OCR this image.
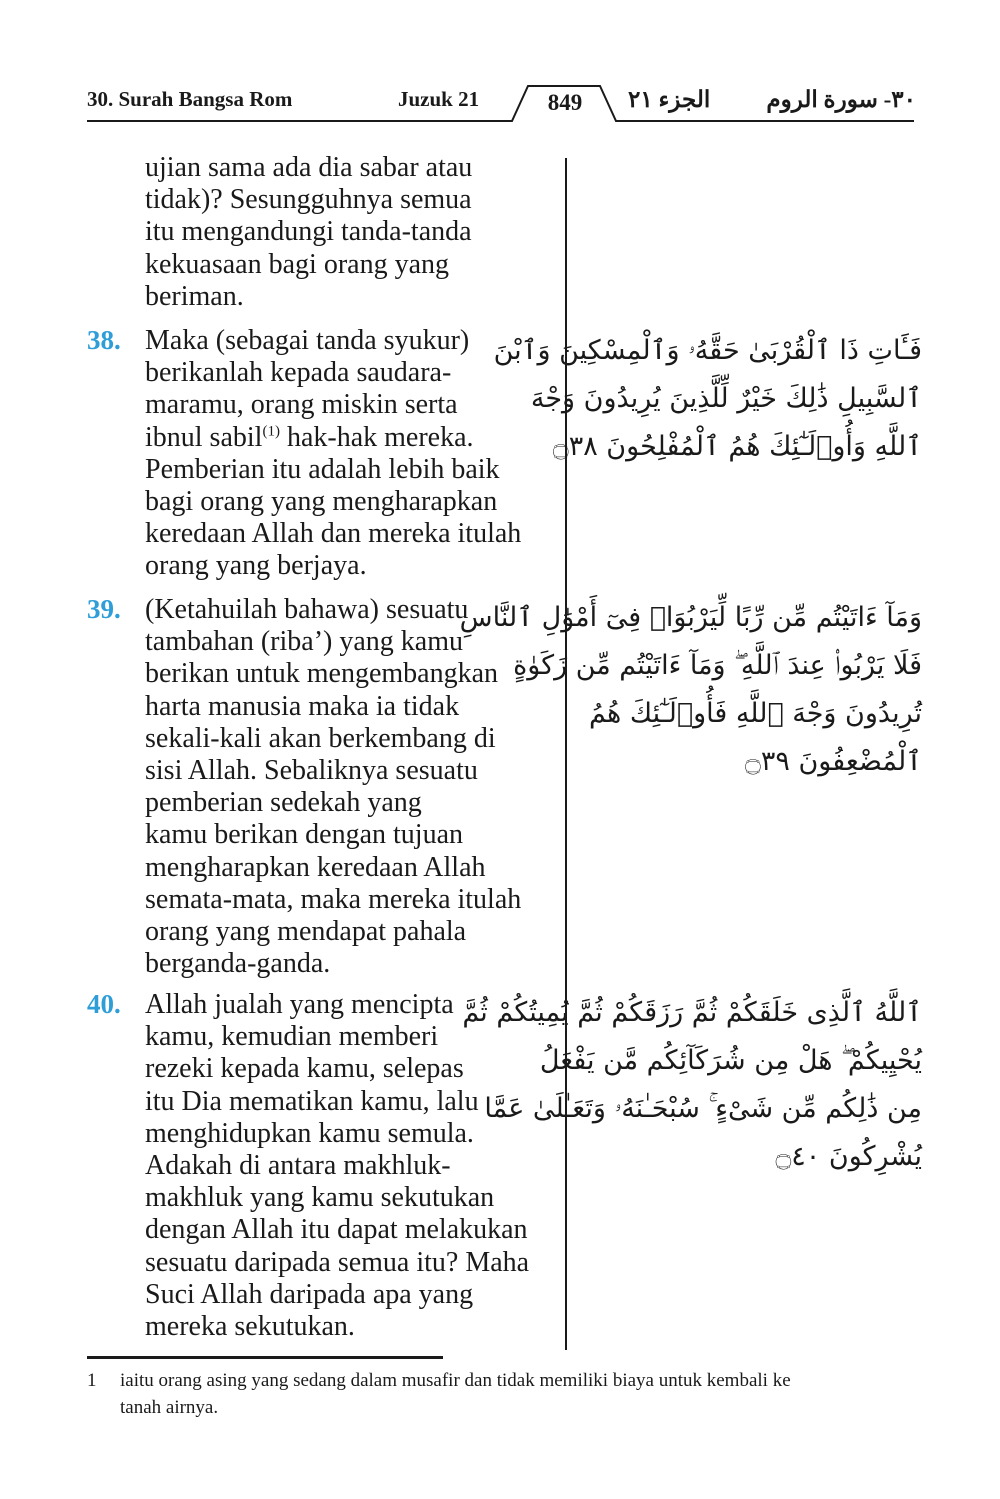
30. Surah Bangsa Rom	Juzuk 21	849	الجزء ٢١ ٣٠- سورة الروم

ujian sama ada dia sabar atau

tidak)? Sesungguhnya semua

itu mengandungi tanda-tanda

kekuasaan bagi orang yang

beriman.

38. Maka (sebagai tanda syukur)

berikanlah kepada saudara-

maramu, orang miskin serta

ibnul sabil$^{(1)}$ hak-hak mereka.

Pemberian itu adalah lebih baik

bagi orang yang mengharapkan

keredaan Allah dan mereka itulah

orang yang berjaya.

فَـَٔاتِ ذَا ٱلْقُرْبَىٰ حَقَّهُۥ وَٱلْمِسْكِينَ وَٱبْنَ

ٱلسَّبِيلِ ذَٰلِكَ خَيْرٌ لِّلَّذِينَ يُرِيدُونَ وَجْهَ

ٱللَّهِ وَأُو۟لَـٰٓئِكَ هُمُ ٱلْمُفْلِحُونَ ۝٣٨

39. (Ketahuilah bahawa) sesuatu

tambahan (riba’) yang kamu

berikan untuk mengembangkan

harta manusia maka ia tidak

sekali-kali akan berkembang di

sisi Allah. Sebaliknya sesuatu

pemberian sedekah yang

kamu berikan dengan tujuan

mengharapkan keredaan Allah

semata-mata, maka mereka itulah

orang yang mendapat pahala

berganda-ganda.

وَمَآ ءَاتَيْتُم مِّن رِّبًا لِّيَرْبُوَا۟ فِىٓ أَمْوَٰلِ ٱلنَّاسِ

فَلَا يَرْبُوا۟ عِندَ ٱللَّهِ ۖ وَمَآ ءَاتَيْتُم مِّن زَكَوٰةٍ

تُرِيدُونَ وَجْهَ ٱللَّهِ فَأُو۟لَـٰٓئِكَ هُمُ

ٱلْمُضْعِفُونَ ۝٣٩

40. Allah jualah yang mencipta

kamu, kemudian memberi

rezeki kepada kamu, selepas

itu Dia mematikan kamu, lalu

menghidupkan kamu semula.

Adakah di antara makhluk-

makhluk yang kamu sekutukan

dengan Allah itu dapat melakukan

sesuatu daripada semua itu? Maha

Suci Allah daripada apa yang

mereka sekutukan.

ٱللَّهُ ٱلَّذِى خَلَقَكُمْ ثُمَّ رَزَقَكُمْ ثُمَّ يُمِيتُكُمْ ثُمَّ

يُحْيِيكُمْ ۖ هَلْ مِن شُرَكَآئِكُم مَّن يَفْعَلُ

مِن ذَٰلِكُم مِّن شَىْءٍ ۚ سُبْحَـٰنَهُۥ وَتَعَـٰلَىٰ عَمَّا

يُشْرِكُونَ ۝٤٠

1 iaitu orang asing yang sedang dalam musafir dan tidak memiliki biaya untuk kembali ke

tanah airnya.
